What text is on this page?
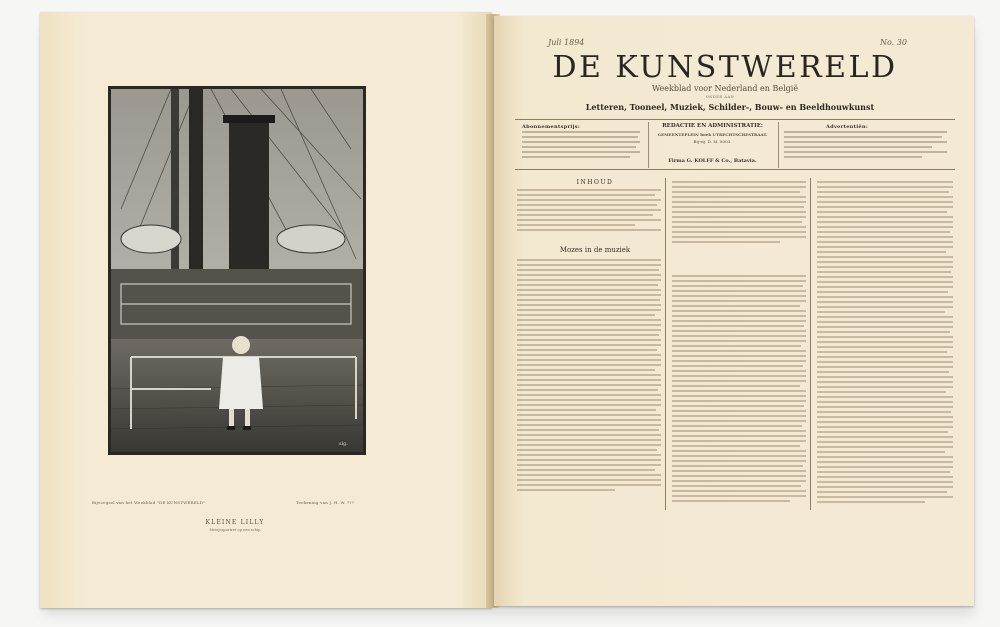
sig.
Bijvoegsel van het Weekblad "DE KUNSTWERELD"	Teekening van J. H. W. ???
KLEINE LILLY
Meisjesportret op een schip
Juli 1894	No. 30
DE KUNSTWERELD
Weekblad voor Nederland en België
ONDER AAN
Letteren, Tooneel, Muziek, Schilder-, Bouw- en Beeldhouwkunst
Abonnementsprijs:	REDACTIE EN ADMINISTRATIE:
GEMEENTEPLEIN hoek UTRECHTSCHESTRAAT.
Bij-stj. D. M. 8003.
Firma G. KOLFF & Co., Batavia.
Advertentiën:
INHOUD
Mozes in de muziek
